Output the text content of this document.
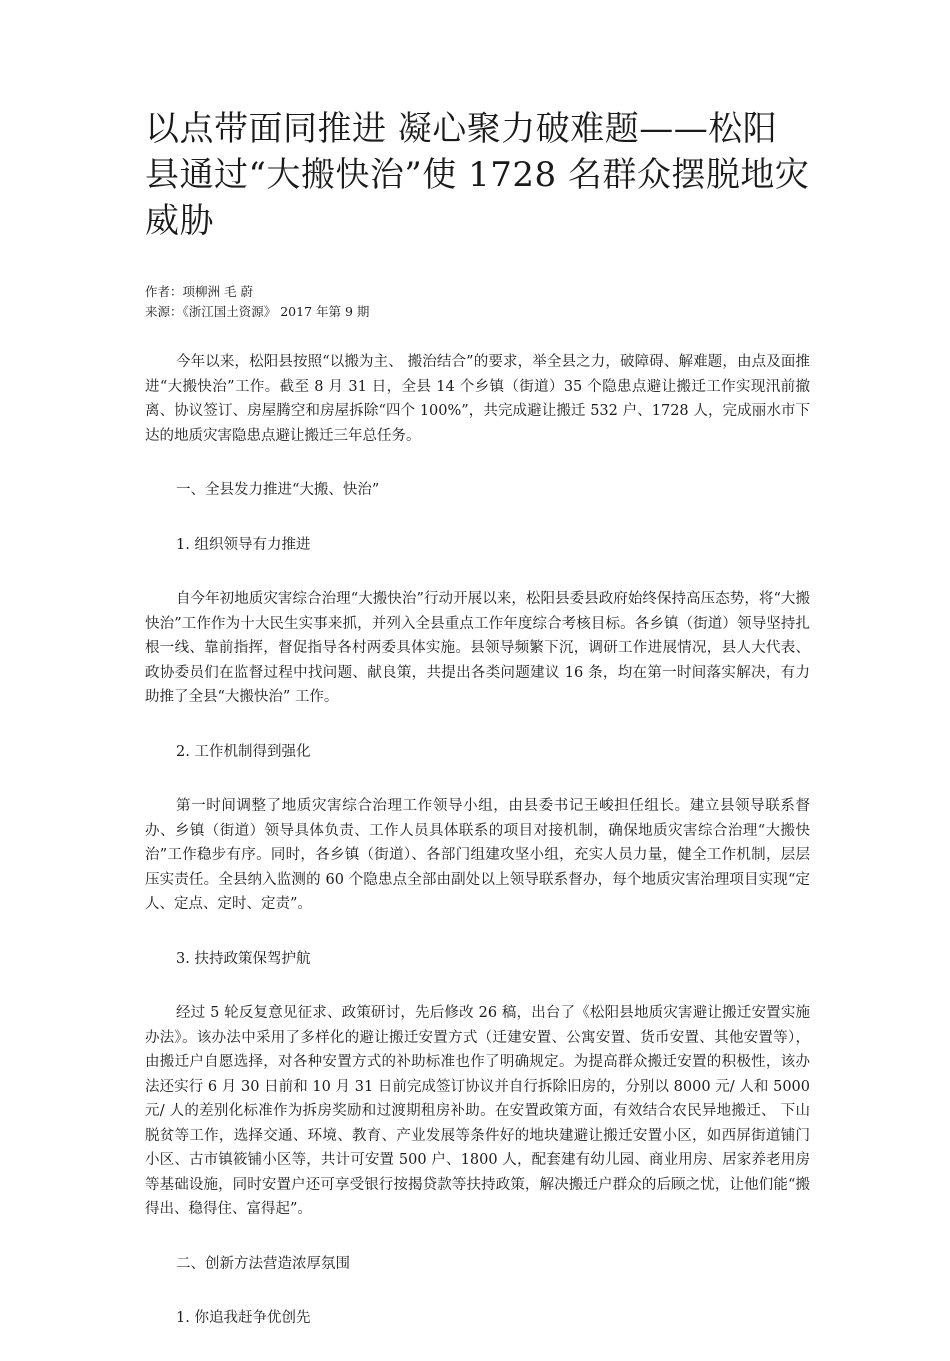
以点带面同推进 凝心聚力破难题——松阳县通过“大搬快治”使 1728 名群众摆脱地灾威胁

作者：项柳洲 毛 蔚

来源：《浙江国土资源》 2017 年第 9 期

今年以来，松阳县按照“以搬为主、 搬治结合”的要求，举全县之力，破障碍、解难题，由点及面推进“大搬快治”工作。截至 8 月 31 日，全县 14 个乡镇（街道）35 个隐患点避让搬迁工作实现汛前撤离、协议签订、房屋腾空和房屋拆除“四个 100%”，共完成避让搬迁 532 户、1728 人，完成丽水市下达的地质灾害隐患点避让搬迁三年总任务。

一、全县发力推进“大搬、快治”

1. 组织领导有力推进

自今年初地质灾害综合治理“大搬快治”行动开展以来，松阳县委县政府始终保持高压态势，将“大搬快治”工作作为十大民生实事来抓，并列入全县重点工作年度综合考核目标。各乡镇（街道）领导坚持扎根一线、靠前指挥，督促指导各村两委具体实施。县领导频繁下沉，调研工作进展情况，县人大代表、政协委员们在监督过程中找问题、献良策，共提出各类问题建议 16 条，均在第一时间落实解决，有力助推了全县“大搬快治” 工作。

2. 工作机制得到强化

第一时间调整了地质灾害综合治理工作领导小组，由县委书记王峻担任组长。建立县领导联系督办、乡镇（街道）领导具体负责、工作人员具体联系的项目对接机制，确保地质灾害综合治理“大搬快治”工作稳步有序。同时，各乡镇（街道）、各部门组建攻坚小组，充实人员力量，健全工作机制，层层压实责任。全县纳入监测的 60 个隐患点全部由副处以上领导联系督办，每个地质灾害治理项目实现“定人、定点、定时、定责”。

3. 扶持政策保驾护航

经过 5 轮反复意见征求、政策研讨，先后修改 26 稿，出台了《松阳县地质灾害避让搬迁安置实施办法》。该办法中采用了多样化的避让搬迁安置方式（迁建安置、公寓安置、货币安置、其他安置等），由搬迁户自愿选择，对各种安置方式的补助标准也作了明确规定。为提高群众搬迁安置的积极性，该办法还实行 6 月 30 日前和 10 月 31 日前完成签订协议并自行拆除旧房的，分别以 8000 元/ 人和 5000 元/ 人的差别化标准作为拆房奖励和过渡期租房补助。在安置政策方面，有效结合农民异地搬迁、 下山脱贫等工作，选择交通、环境、教育、产业发展等条件好的地块建避让搬迁安置小区，如西屏街道铺门小区、古市镇筱铺小区等，共计可安置 500 户、1800 人，配套建有幼儿园、商业用房、居家养老用房等基础设施，同时安置户还可享受银行按揭贷款等扶持政策，解决搬迁户群众的后顾之忧，让他们能“搬得出、稳得住、富得起”。

二、创新方法营造浓厚氛围

1. 你追我赶争优创先
